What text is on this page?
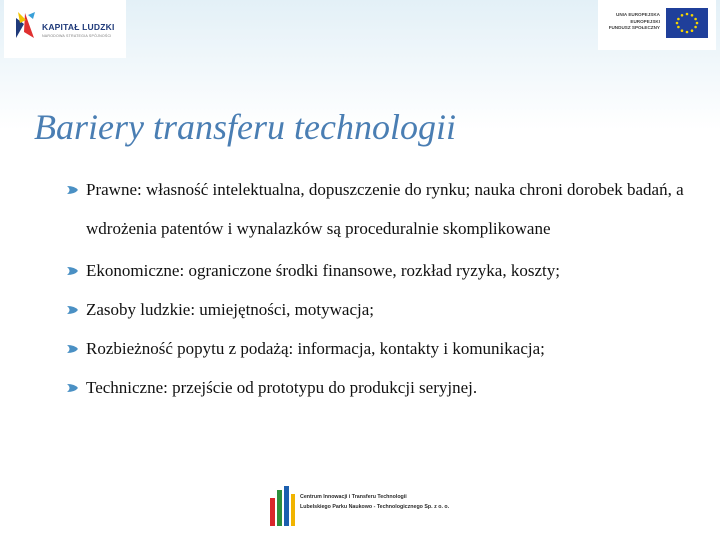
KAPITAŁ LUDZKI
NARODOWA STRATEGIA SPÓJNOŚCI
UNIA EUROPEJSKA
EUROPEJSKI
FUNDUSZ SPOŁECZNY
Bariery transferu technologii
Prawne: własność intelektualna, dopuszczenie do rynku; nauka chroni dorobek badań, a wdrożenia patentów i wynalazków są proceduralnie skomplikowane
Ekonomiczne: ograniczone środki finansowe, rozkład ryzyka, koszty;
Zasoby ludzkie: umiejętności, motywacja;
Rozbieżność popytu z podażą: informacja, kontakty i komunikacja;
Techniczne: przejście od prototypu do produkcji seryjnej.
Centrum Innowacji i Transferu Technologii
Lubelskiego Parku Naukowo - Technologicznego Sp. z o. o.
